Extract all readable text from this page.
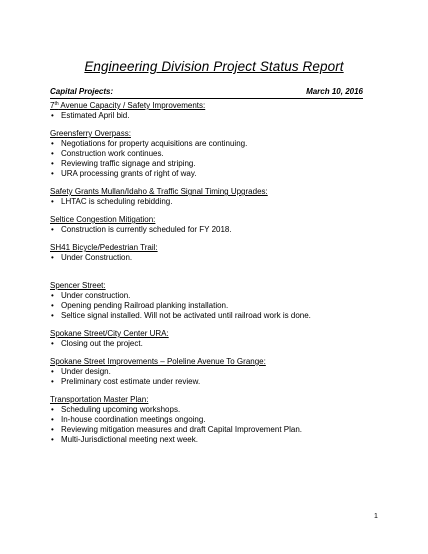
Engineering Division Project Status Report
Capital Projects:	March 10, 2016
7th Avenue Capacity / Safety Improvements:
• Estimated April bid.
Greensferry Overpass:
• Negotiations for property acquisitions are continuing.
• Construction work continues.
• Reviewing traffic signage and striping.
• URA processing grants of right of way.
Safety Grants Mullan/Idaho & Traffic Signal Timing Upgrades:
• LHTAC is scheduling rebidding.
Seltice Congestion Mitigation:
• Construction is currently scheduled for FY 2018.
SH41 Bicycle/Pedestrian Trail:
• Under Construction.
Spencer Street:
• Under construction.
• Opening pending Railroad planking installation.
• Seltice signal installed. Will not be activated until railroad work is done.
Spokane Street/City Center URA:
• Closing out the project.
Spokane Street Improvements – Poleline Avenue To Grange:
• Under design.
• Preliminary cost estimate under review.
Transportation Master Plan:
• Scheduling upcoming workshops.
• In-house coordination meetings ongoing.
• Reviewing mitigation measures and draft Capital Improvement Plan.
• Multi-Jurisdictional meeting next week.
1
